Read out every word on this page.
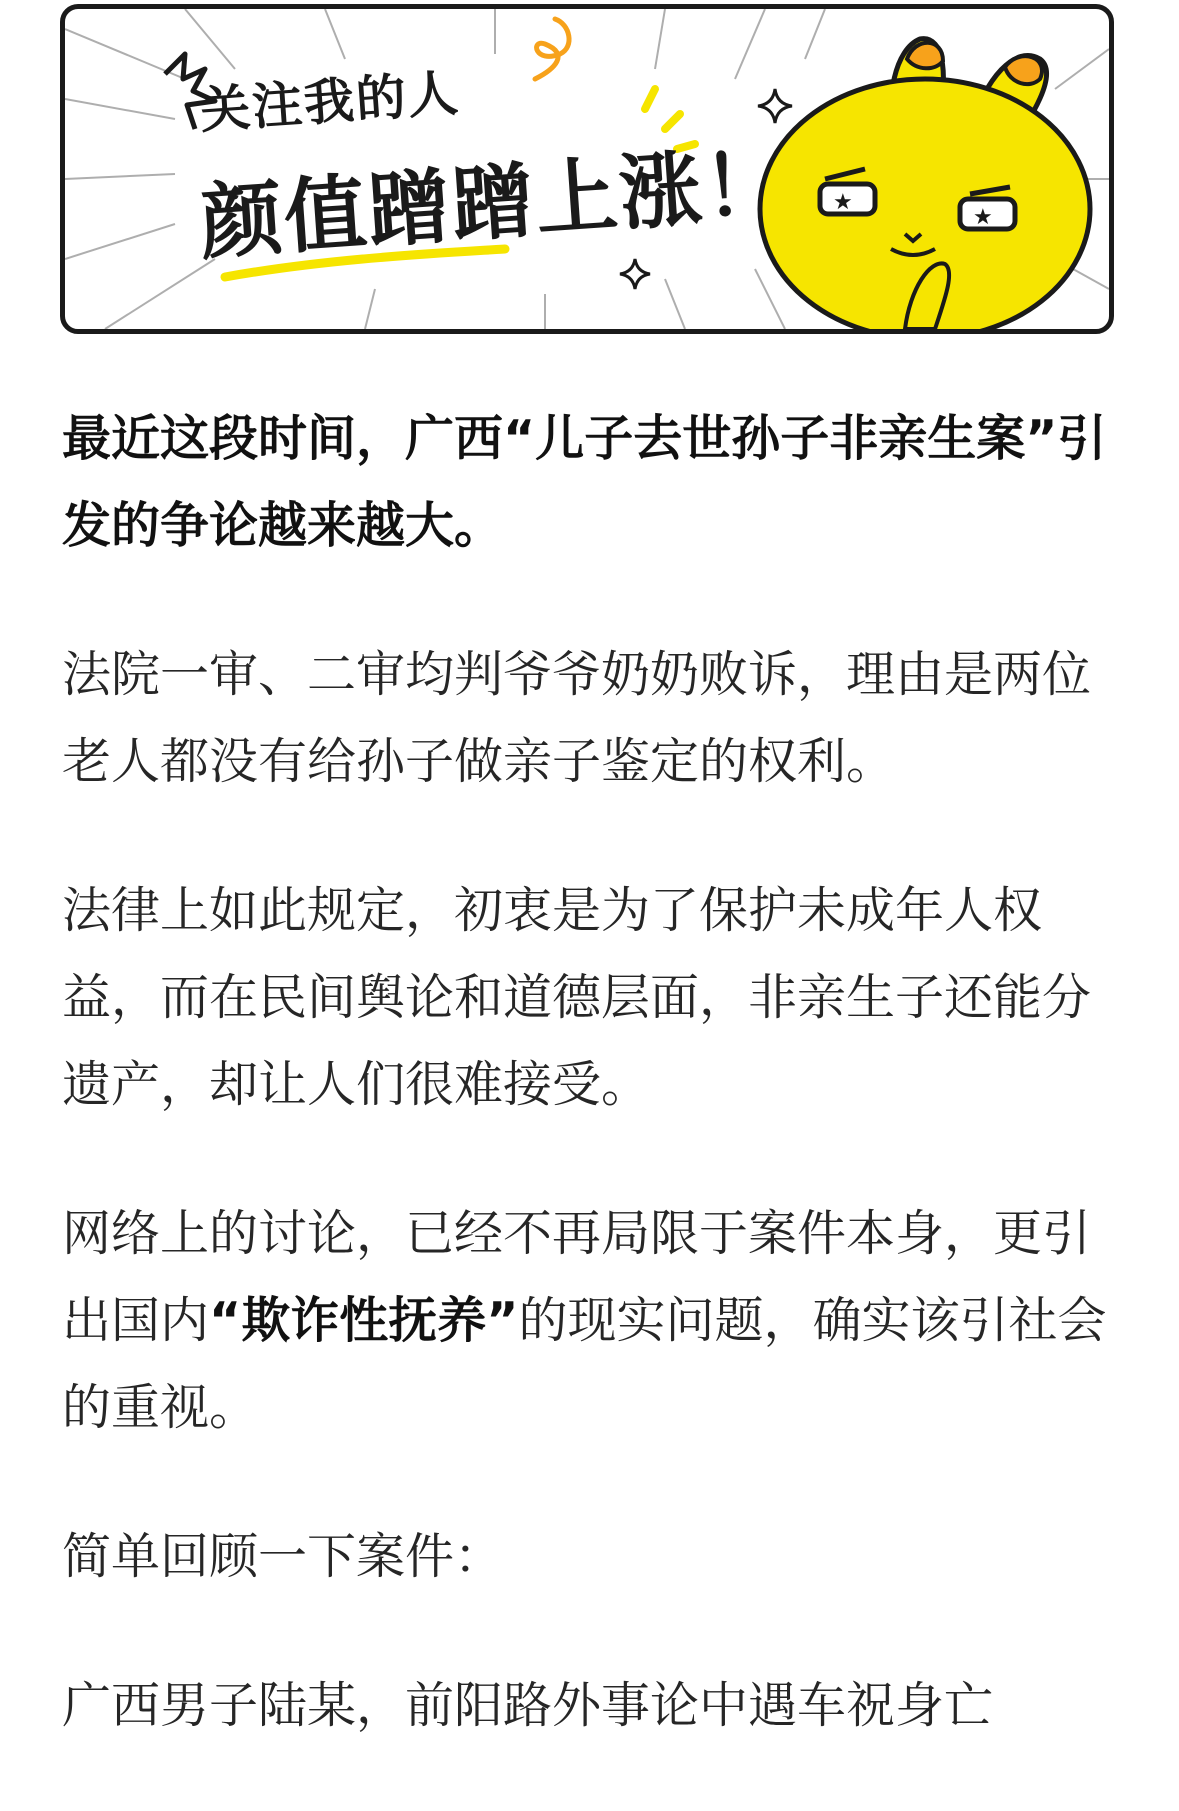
★
★
关注我的人
颜值蹭蹭上涨！

最近这段时间，广西“儿子去世孙子非亲生案”引发的争论越来越大。

法院一审、二审均判爷爷奶奶败诉，理由是两位老人都没有给孙子做亲子鉴定的权利。

法律上如此规定，初衷是为了保护未成年人权益，而在民间舆论和道德层面，非亲生子还能分遗产，却让人们很难接受。

网络上的讨论，已经不再局限于案件本身，更引出国内“欺诈性抚养”的现实问题，确实该引社会的重视。

简单回顾一下案件：

广西男子陆某，前阳路外事论中遇车祝身亡
